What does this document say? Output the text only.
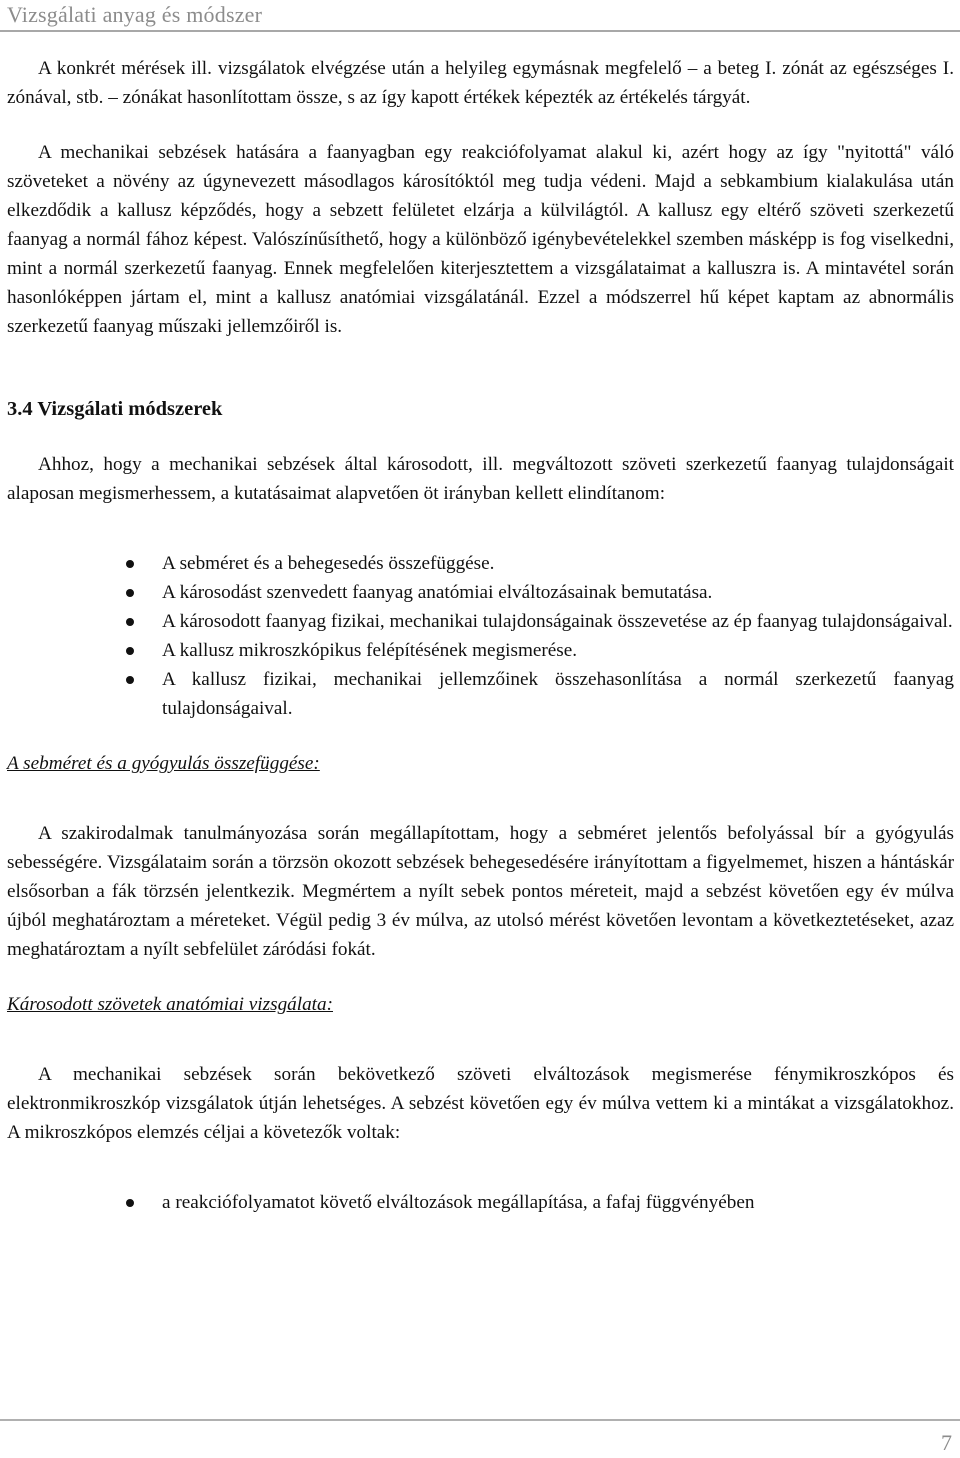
Vizsgálati anyag és módszer

A konkrét mérések ill. vizsgálatok elvégzése után a helyileg egymásnak megfelelő – a beteg I. zónát az egészséges I. zónával, stb. – zónákat hasonlítottam össze, s az így kapott értékek képezték az értékelés tárgyát.

A mechanikai sebzések hatására a faanyagban egy reakciófolyamat alakul ki, azért hogy az így "nyitottá" váló szöveteket a növény az úgynevezett másodlagos károsítóktól meg tudja védeni. Majd a sebkambium kialakulása után elkezdődik a kallusz képződés, hogy a sebzett felületet elzárja a külvilágtól. A kallusz egy eltérő szöveti szerkezetű faanyag a normál fához képest. Valószínűsíthető, hogy a különböző igénybevételekkel szemben másképp is fog viselkedni, mint a normál szerkezetű faanyag. Ennek megfelelően kiterjesztettem a vizsgálataimat a kalluszra is. A mintavétel során hasonlóképpen jártam el, mint a kallusz anatómiai vizsgálatánál. Ezzel a módszerrel hű képet kaptam az abnormális szerkezetű faanyag műszaki jellemzőiről is.

3.4 Vizsgálati módszerek

Ahhoz, hogy a mechanikai sebzések által károsodott, ill. megváltozott szöveti szerkezetű faanyag tulajdonságait alaposan megismerhessem, a kutatásaimat alapvetően öt irányban kellett elindítanom:

A sebméret és a behegesedés összefüggése.
A károsodást szenvedett faanyag anatómiai elváltozásainak bemutatása.
A károsodott faanyag fizikai, mechanikai tulajdonságainak összevetése az ép faanyag tulajdonságaival.
A kallusz mikroszkópikus felépítésének megismerése.
A kallusz fizikai, mechanikai jellemzőinek összehasonlítása a normál szerkezetű faanyag tulajdonságaival.

A sebméret és a gyógyulás összefüggése:

A szakirodalmak tanulmányozása során megállapítottam, hogy a sebméret jelentős befolyással bír a gyógyulás sebességére. Vizsgálataim során a törzsön okozott sebzések behegesedésére irányítottam a figyelmemet, hiszen a hántáskár elsősorban a fák törzsén jelentkezik. Megmértem a nyílt sebek pontos méreteit, majd a sebzést követően egy év múlva újból meghatároztam a méreteket. Végül pedig 3 év múlva, az utolsó mérést követően levontam a következtetéseket, azaz meghatároztam a nyílt sebfelület záródási fokát.

Károsodott szövetek anatómiai vizsgálata:

A mechanikai sebzések során bekövetkező szöveti elváltozások megismerése fénymikroszkópos és elektronmikroszkóp vizsgálatok útján lehetséges. A sebzést követően egy év múlva vettem ki a mintákat a vizsgálatokhoz. A mikroszkópos elemzés céljai a követezők voltak:

a reakciófolyamatot követő elváltozások megállapítása, a fafaj függvényében
7
